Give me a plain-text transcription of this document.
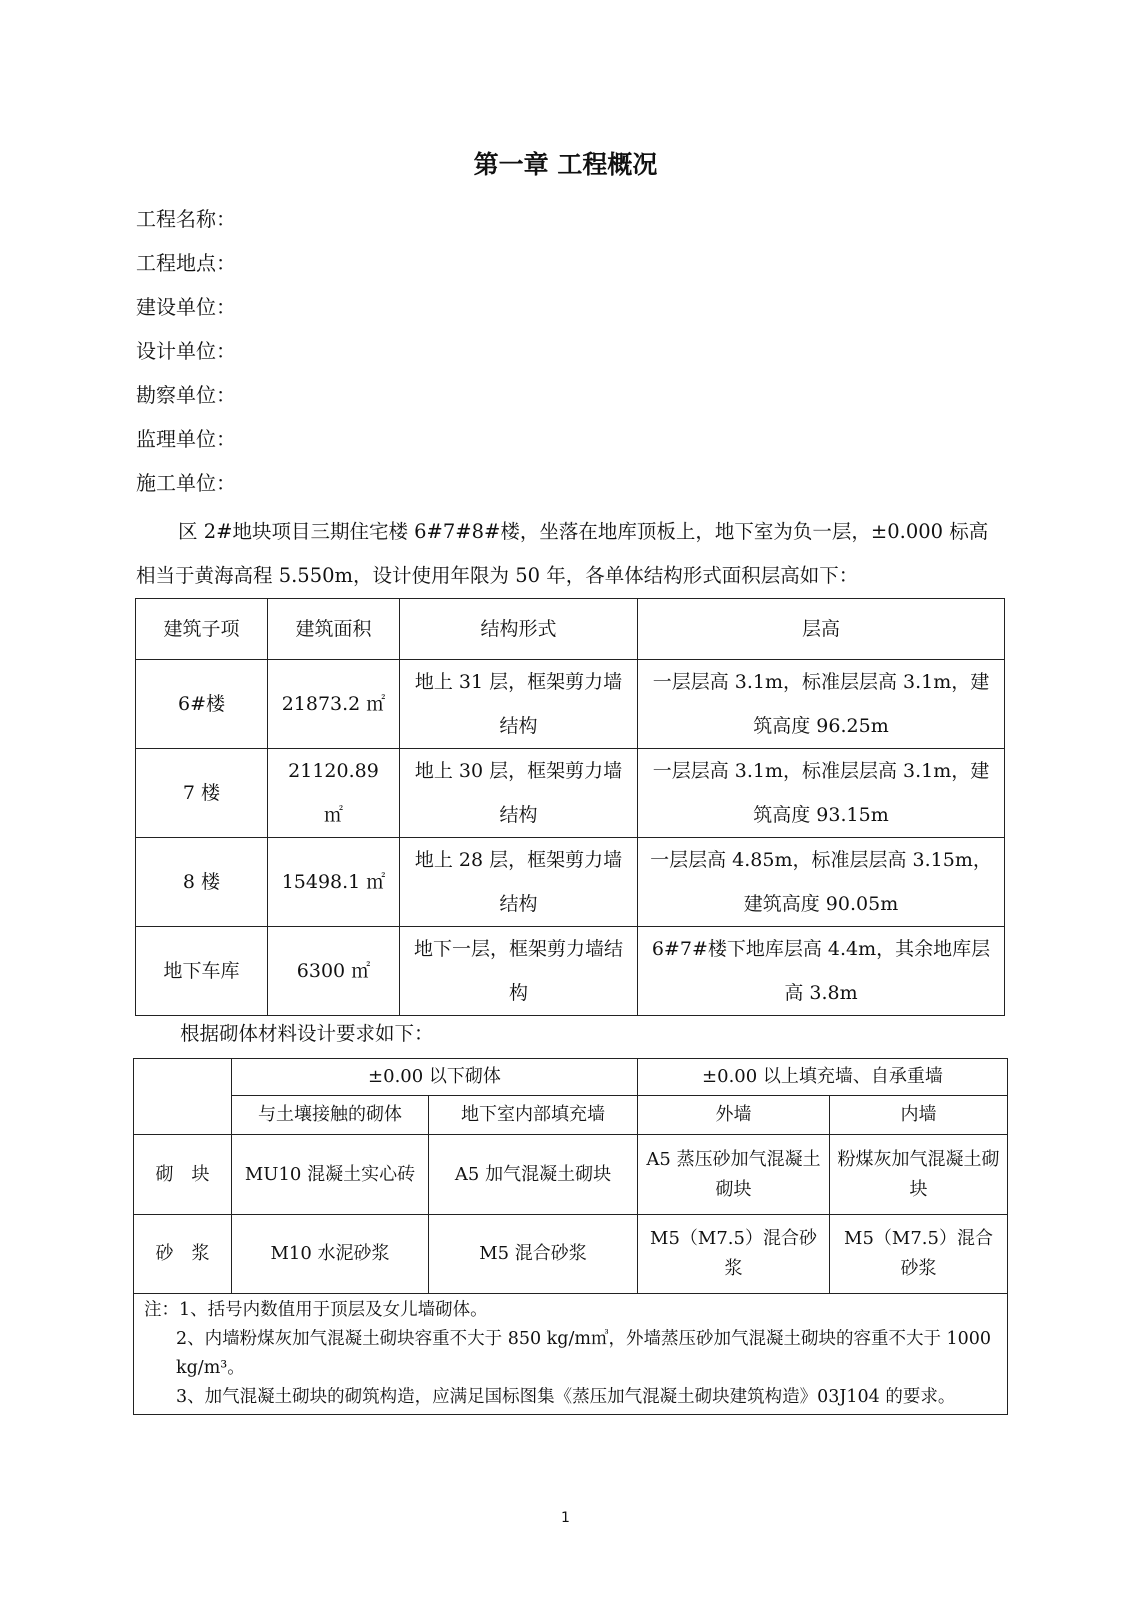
第一章 工程概况
工程名称：
工程地点：
建设单位：
设计单位：
勘察单位：
监理单位：
施工单位：

区 2#地块项目三期住宅楼 6#7#8#楼，坐落在地库顶板上，地下室为负一层，±0.000 标高相当于黄海高程 5.550m，设计使用年限为 50 年，各单体结构形式面积层高如下：

建筑子项	建筑面积	结构形式	层高
6#楼	21873.2 ㎡	地上 31 层，框架剪力墙结构	一层层高 3.1m，标准层层高 3.1m，建筑高度 96.25m
7 楼	21120.89 ㎡	地上 30 层，框架剪力墙结构	一层层高 3.1m，标准层层高 3.1m，建筑高度 93.15m
8 楼	15498.1 ㎡	地上 28 层，框架剪力墙结构	一层层高 4.85m，标准层层高 3.15m，建筑高度 90.05m
地下车库	6300 ㎡	地下一层，框架剪力墙结构	6#7#楼下地库层高 4.4m，其余地库层高 3.8m

根据砌体材料设计要求如下：

	±0.00 以下砌体		±0.00 以上填充墙、自承重墙	
	与土壤接触的砌体	地下室内部填充墙	外墙	内墙
砌　块	MU10 混凝土实心砖	A5 加气混凝土砌块	A5 蒸压砂加气混凝土砌块	粉煤灰加气混凝土砌块
砂　浆	M10 水泥砂浆	M5 混合砂浆	M5（M7.5）混合砂浆	M5（M7.5）混合砂浆

注：1、括号内数值用于顶层及女儿墙砌体。
2、内墙粉煤灰加气混凝土砌块容重不大于 850 kg/m㎥，外墙蒸压砂加气混凝土砌块的容重不大于 1000 kg/m³。
3、加气混凝土砌块的砌筑构造，应满足国标图集《蒸压加气混凝土砌块建筑构造》03J104 的要求。				
1
